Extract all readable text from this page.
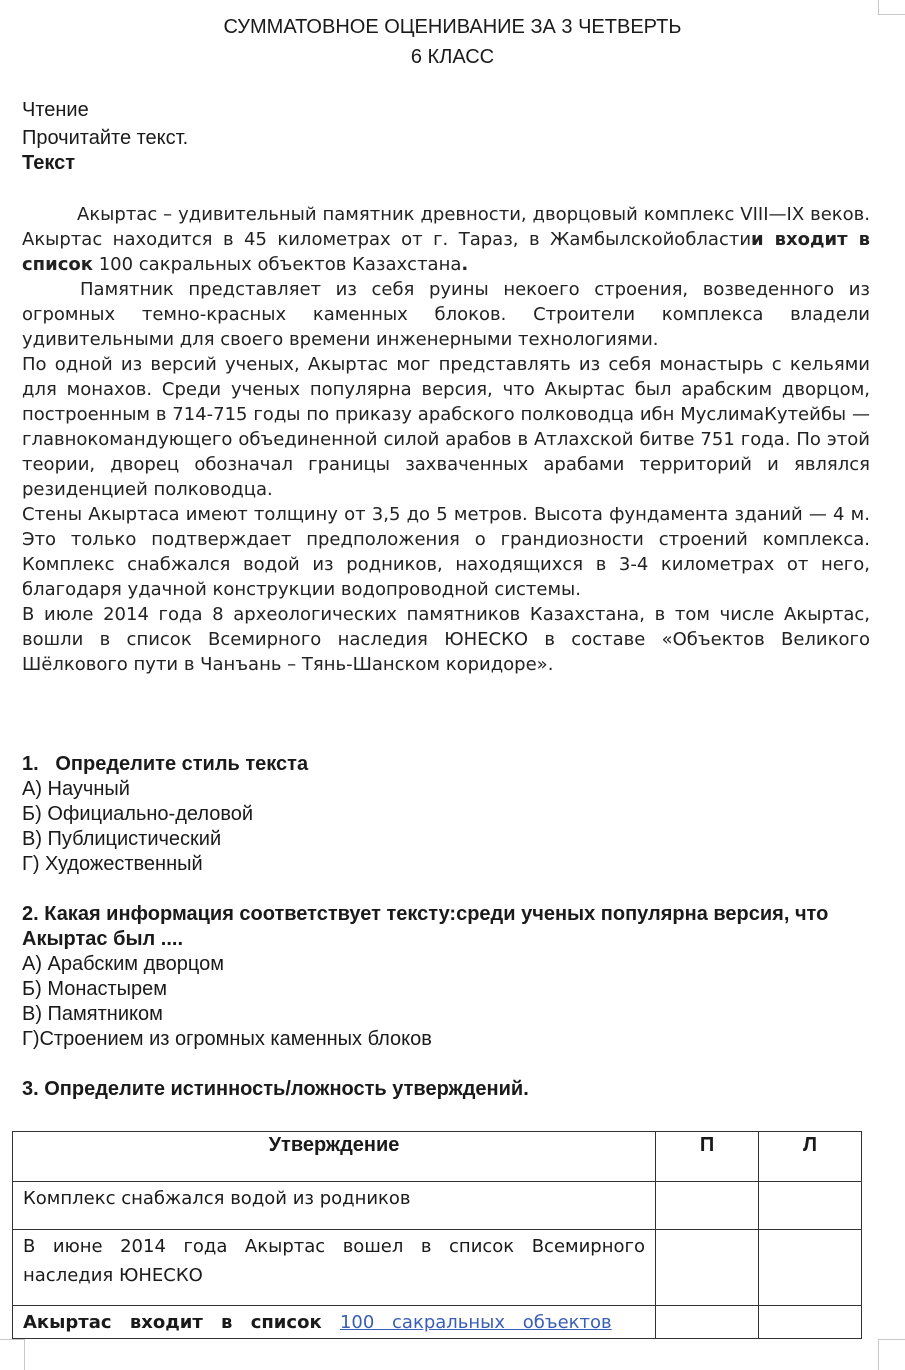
СУММАТОВНОЕ ОЦЕНИВАНИЕ ЗА 3 ЧЕТВЕРТЬ
6 КЛАСС
Чтение
Прочитайте текст.
Текст

Акыртас – удивительный памятник древности, дворцовый комплекс VIII—IX веков. Акыртас находится в 45 километрах от г. Тараз, в Жамбылскойобластии входит в список 100 сакральных объектов Казахстана.

Памятник представляет из себя руины некоего строения, возведенного из огромных темно-красных каменных блоков. Строители комплекса владели удивительными для своего времени инженерными технологиями.

По одной из версий ученых, Акыртас мог представлять из себя монастырь с кельями для монахов. Среди ученых популярна версия, что Акыртас был арабским дворцом, построенным в 714-715 годы по приказу арабского полководца ибн МуслимаКутейбы — главнокомандующего объединенной силой арабов в Атлахской битве 751 года. По этой теории, дворец обозначал границы захваченных арабами территорий и являлся резиденцией полководца.

Стены Акыртаса имеют толщину от 3,5 до 5 метров. Высота фундамента зданий — 4 м. Это только подтверждает предположения о грандиозности строений комплекса. Комплекс снабжался водой из родников, находящихся в 3-4 километрах от него, благодаря удачной конструкции водопроводной системы.

В июле 2014 года 8 археологических памятников Казахстана, в том числе Акыртас, вошли в список Всемирного наследия ЮНЕСКО в составе «Объектов Великого Шёлкового пути в Чанъань – Тянь-Шанском коридоре».

1.   Определите стиль текста
А) Научный
Б) Официально-деловой
В) Публицистический
Г) Художественный
2. Какая информация соответствует тексту:среди ученых популярна версия, что Акыртас был ....
А) Арабским дворцом
Б) Монастырем
В) Памятником
Г)Строением из огромных каменных блоков
3. Определите истинность/ложность утверждений.
Утверждение	П	Л
Комплекс снабжался водой из родников		
В июне 2014 года Акыртас вошел в список Всемирного наследия ЮНЕСКО		
Акыртас входит в список 100 сакральных объектов		
